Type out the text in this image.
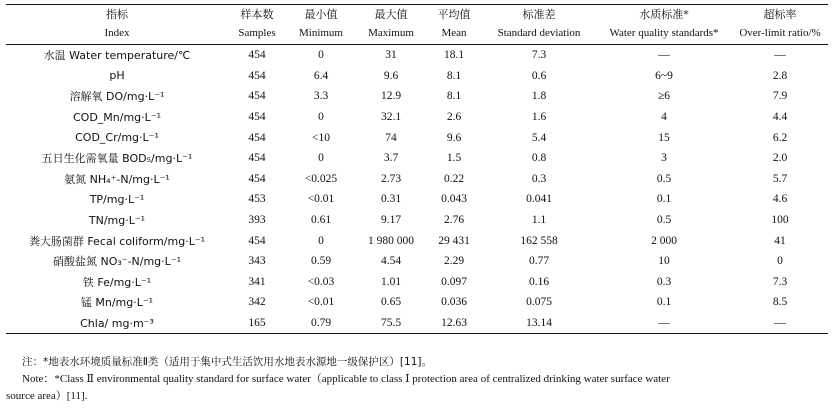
指标	样本数	最小值	最大值	平均值	标准差	水质标准*	超标率
Index	Samples	Minimum	Maximum	Mean	Standard deviation	Water quality standards*	Over-limit ratio/%
水温 Water temperature/℃	454	0	31	18.1	7.3	—	—
pH	454	6.4	9.6	8.1	0.6	6~9	2.8
溶解氧 DO/mg·L⁻¹	454	3.3	12.9	8.1	1.8	≥6	7.9
COD_Mn/mg·L⁻¹	454	0	32.1	2.6	1.6	4	4.4
COD_Cr/mg·L⁻¹	454	<10	74	9.6	5.4	15	6.2
五日生化需氧量 BOD₅/mg·L⁻¹	454	0	3.7	1.5	0.8	3	2.0
氨氮 NH₄⁺-N/mg·L⁻¹	454	<0.025	2.73	0.22	0.3	0.5	5.7
TP/mg·L⁻¹	453	<0.01	0.31	0.043	0.041	0.1	4.6
TN/mg·L⁻¹	393	0.61	9.17	2.76	1.1	0.5	100
粪大肠菌群 Fecal coliform/mg·L⁻¹	454	0	1 980 000	29 431	162 558	2 000	41
硝酸盐氮 NO₃⁻-N/mg·L⁻¹	343	0.59	4.54	2.29	0.77	10	0
铁 Fe/mg·L⁻¹	341	<0.03	1.01	0.097	0.16	0.3	7.3
锰 Mn/mg·L⁻¹	342	<0.01	0.65	0.036	0.075	0.1	8.5
Chla/ mg·m⁻³	165	0.79	75.5	12.63	13.14	—	—
注：*地表水环境质量标准Ⅱ类（适用于集中式生活饮用水地表水源地一级保护区）[11]。
Note：*Class Ⅱ environmental quality standard for surface water（applicable to class Ⅰ protection area of centralized drinking water surface water
source area）[11].
